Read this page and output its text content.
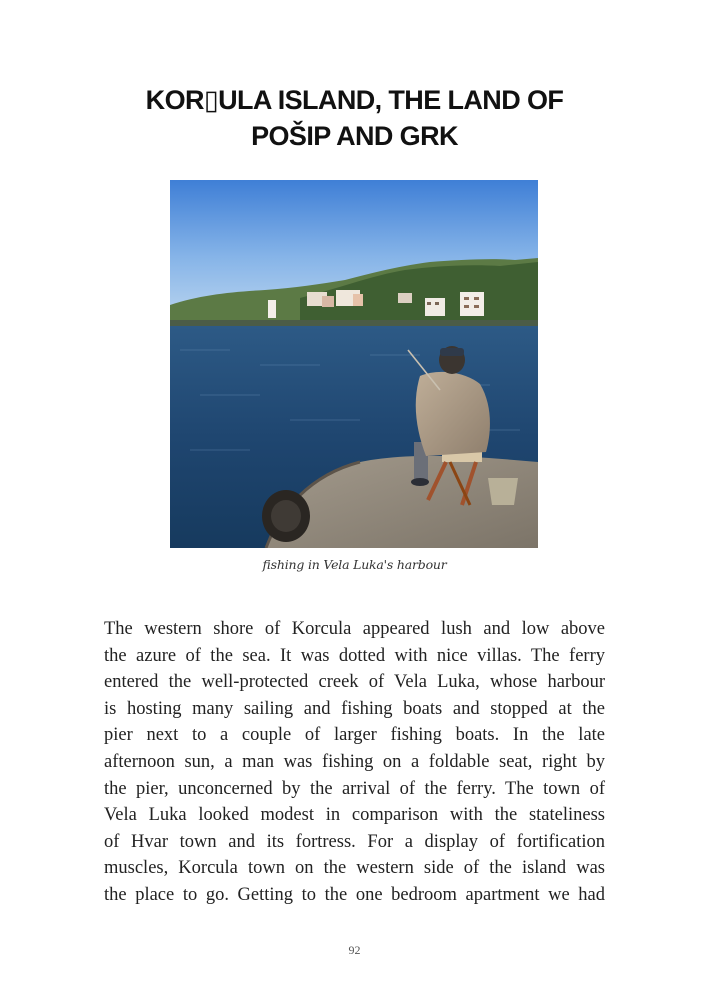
KOR▯ULA ISLAND, THE LAND OF
POŠIP AND GRK

fishing in Vela Luka's harbour

The western shore of Korcula appeared lush and low above
the azure of the sea. It was dotted with nice villas. The ferry
entered the well-protected creek of Vela Luka, whose harbour
is hosting many sailing and fishing boats and stopped at the
pier next to a couple of larger fishing boats. In the late
afternoon sun, a man was fishing on a foldable seat, right by
the pier, unconcerned by the arrival of the ferry. The town of
Vela Luka looked modest in comparison with the stateliness
of Hvar town and its fortress. For a display of fortification
muscles, Korcula town on the western side of the island was
the place to go. Getting to the one bedroom apartment we had

92
